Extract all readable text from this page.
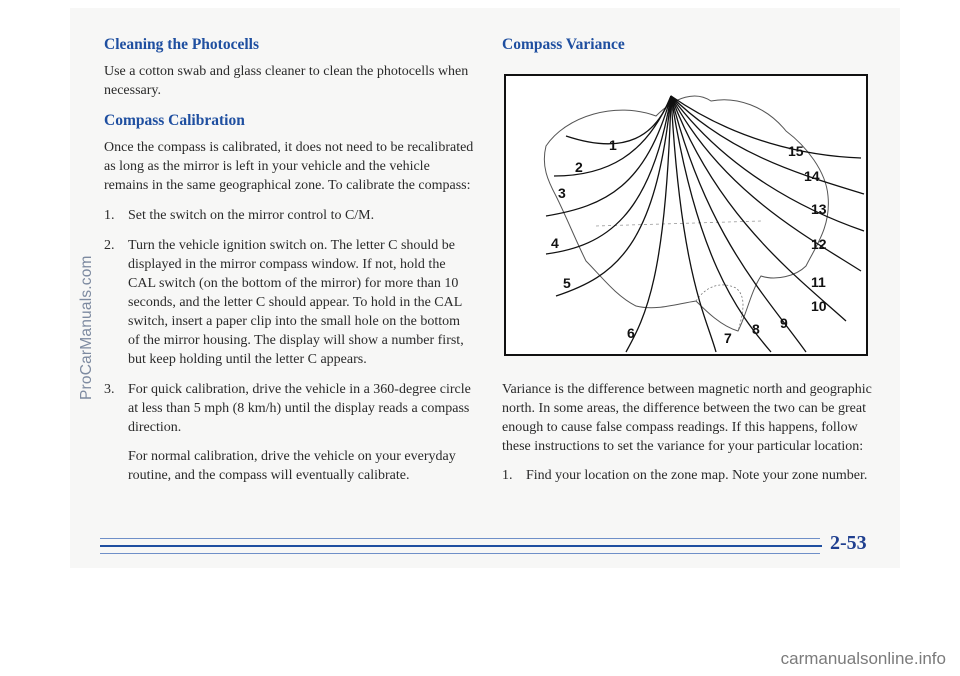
Cleaning the Photocells

Use a cotton swab and glass cleaner to clean the photocells when necessary.

Compass Calibration

Once the compass is calibrated, it does not need to be recalibrated as long as the mirror is left in your vehicle and the vehicle remains in the same geographical zone. To calibrate the compass:

1. Set the switch on the mirror control to C/M.
2. Turn the vehicle ignition switch on. The letter C should be displayed in the mirror compass window. If not, hold the CAL switch (on the bottom of the mirror) for more than 10 seconds, and the letter C should appear. To hold in the CAL switch, insert a paper clip into the small hole on the bottom of the mirror housing. The display will show a number first, but keep holding until the letter C appears.
3. For quick calibration, drive the vehicle in a 360-degree circle at less than 5 mph (8 km/h) until the display reads a compass direction.

For normal calibration, drive the vehicle on your everyday routine, and the compass will eventually calibrate.

Compass Variance
1
2
3
4
5
6	7
8 9
10
11
12
13
14
15

Variance is the difference between magnetic north and geographic north. In some areas, the difference between the two can be great enough to cause false compass readings. If this happens, follow these instructions to set the variance for your particular location:

1. Find your location on the zone map. Note your zone number.
2-53
ProCarManuals.com
carmanualsonline.info
